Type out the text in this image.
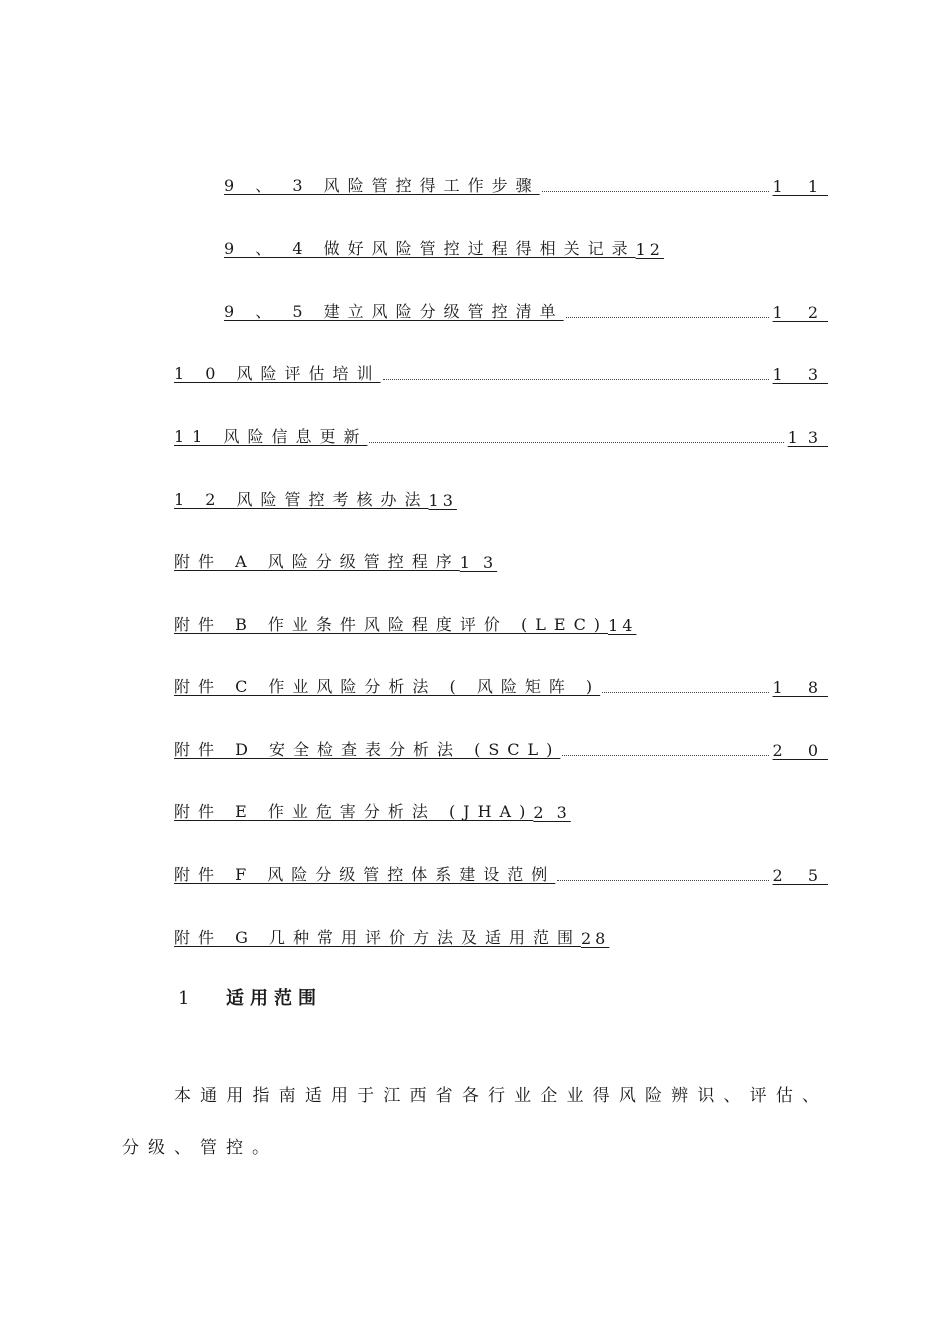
9 、 3 风险管控得工作步骤	1 1
9 、 4 做好风险管控过程得相关记录 12
9 、 5 建立风险分级管控清单	1 2
1 0 风险评估培训	1 3
11 风险信息更新	13
1 2 风险管控考核办法 13
附件 A 风险分级管控程序 1 3
附件 B 作业条件风险程度评价 (LEC) 14
附件 C 作业风险分析法 ( 风险矩阵 )	1 8
附件 D 安全检查表分析法 (SCL)	2 0
附件 E 作业危害分析法 (JHA) 2 3
附件 F 风险分级管控体系建设范例	2 5
附件 G 几种常用评价方法及适用范围 28
1 适用范围
本通用指南适用于江西省各行业企业得风险辨识、评估、分级、管控。
